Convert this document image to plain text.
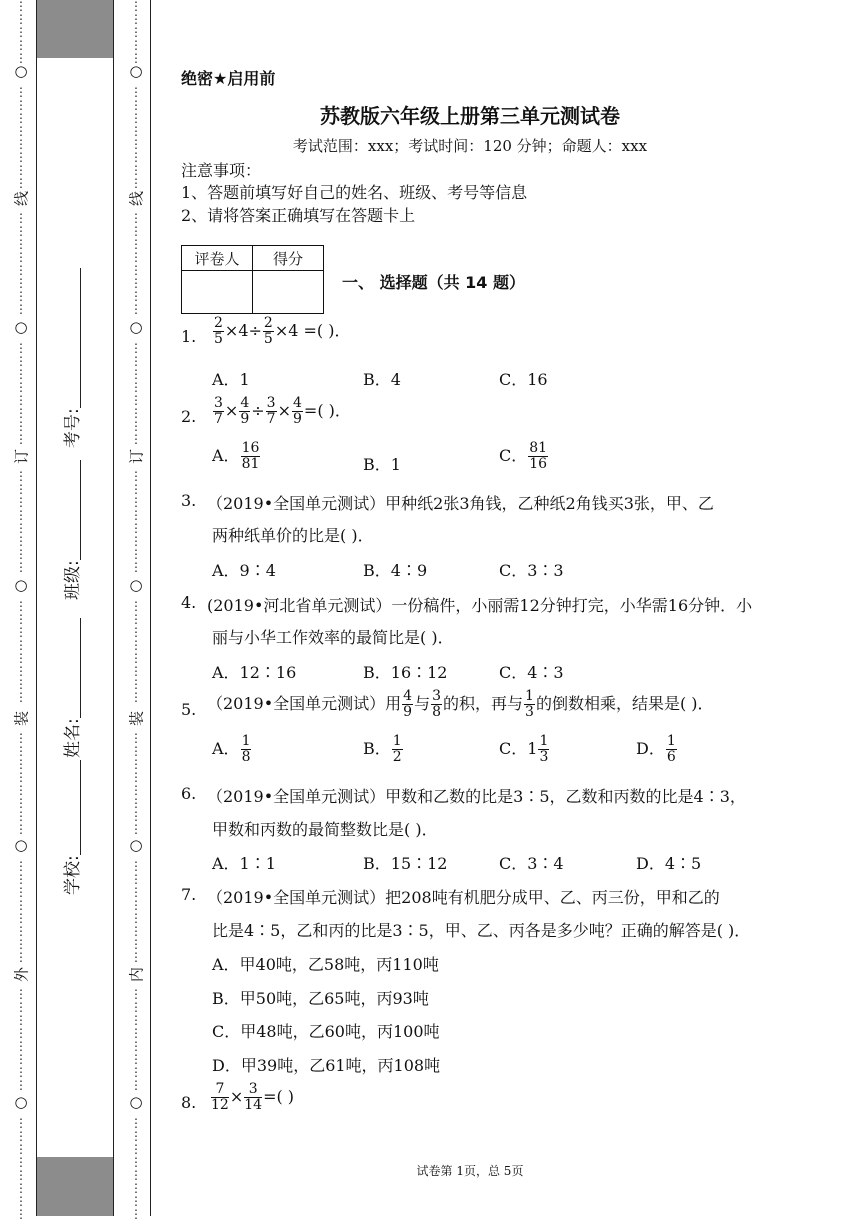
⋮
⋮
⋮
⋮
⋮
⋮
⋮
⋮
⋮
⋮
⋮
⋮
⋮
⋮
⋮
⋮
⋮
⋮
⋮
⋮
⋮
⋮
⋮
⋮
⋮
⋮
⋮
⋮
⋮
⋮
⋮
⋮
⋮
⋮
⋮
⋮
⋮
⋮
⋮
⋮
⋮
⋮
⋮
⋮
⋮
⋮
⋮
⋮
⋮
⋮
⋮
⋮
⋮
⋮
⋮
⋮
⋮
⋮
⋮
⋮
⋮
⋮
⋮
⋮
⋮
⋮
⋮
⋮
⋮
⋮
⋮
⋮
⋮
⋮
⋮
⋮
⋮
○
○
○
○
○
线
订
装
外
⋮
⋮
⋮
⋮
⋮
⋮
⋮
⋮
⋮
⋮
⋮
⋮
⋮
⋮
⋮
⋮
⋮
⋮
⋮
⋮
⋮
⋮
⋮
⋮
⋮
⋮
⋮
⋮
⋮
⋮
⋮
⋮
⋮
⋮
⋮
⋮
⋮
⋮
⋮
⋮
⋮
⋮
⋮
⋮
⋮
⋮
⋮
⋮
⋮
⋮
⋮
⋮
⋮
⋮
⋮
⋮
⋮
⋮
⋮
⋮
⋮
⋮
⋮
⋮
⋮
⋮
⋮
⋮
⋮
⋮
⋮
⋮
⋮
⋮
⋮
⋮
⋮
○
○
○
○
○
线
订
装
内
学校:
姓名:
班级:
考号:
绝密★启用前
苏教版六年级上册第三单元测试卷
考试范围：xxx；考试时间：120 分钟；命题人：xxx
注意事项：
1、答题前填写好自己的姓名、班级、考号等信息
2、请将答案正确填写在答题卡上
评卷人	得分

一、 选择题（共 14 题）
1. $\frac{2}{5} \times 4\div \frac{2}{5} \times 4$ =( )．
A．1	B．4	C．16
2. $\frac{3}{7} \times \frac{4}{9} \div \frac{3}{7} \times \frac{4}{9}$ =( )．
A． $\frac{16}{81}$	B．1	C． $\frac{81}{16}$
3. （2019•全国单元测试）甲种纸2张3角钱，乙种纸2角钱买3张，甲、乙
两种纸单价的比是( )．
A．9∶4	B．4∶9	C．3∶3
4. (2019•河北省单元测试）一份稿件，小丽需12分钟打完，小华需16分钟．小
丽与小华工作效率的最简比是( )．
A．12∶16	B．16∶12	C．4∶3
5. （2019•全国单元测试）用 $\frac{4}{9}$ 与 $\frac{3}{8}$ 的积，再与 $\frac{1}{3}$ 的倒数相乘，结果是( )．
A． $\frac{1}{8}$	B． $\frac{1}{2}$	C．$1 \frac{1}{3}$	D． $\frac{1}{6}$
6. （2019•全国单元测试）甲数和乙数的比是3∶5，乙数和丙数的比是4∶3，
甲数和丙数的最简整数比是( )．
A．1∶1	B．15∶12	C．3∶4	D．4∶5
7. （2019•全国单元测试）把208吨有机肥分成甲、乙、丙三份，甲和乙的
比是4∶5，乙和丙的比是3∶5，甲、乙、丙各是多少吨？正确的解答是( )．
A．甲40吨，乙58吨，丙110吨
B．甲50吨，乙65吨，丙93吨
C．甲48吨，乙60吨，丙100吨
D．甲39吨，乙61吨，丙108吨
8. $\frac{7}{12} \times \frac{3}{14}$ =( )
试卷第 1页，总 5页
